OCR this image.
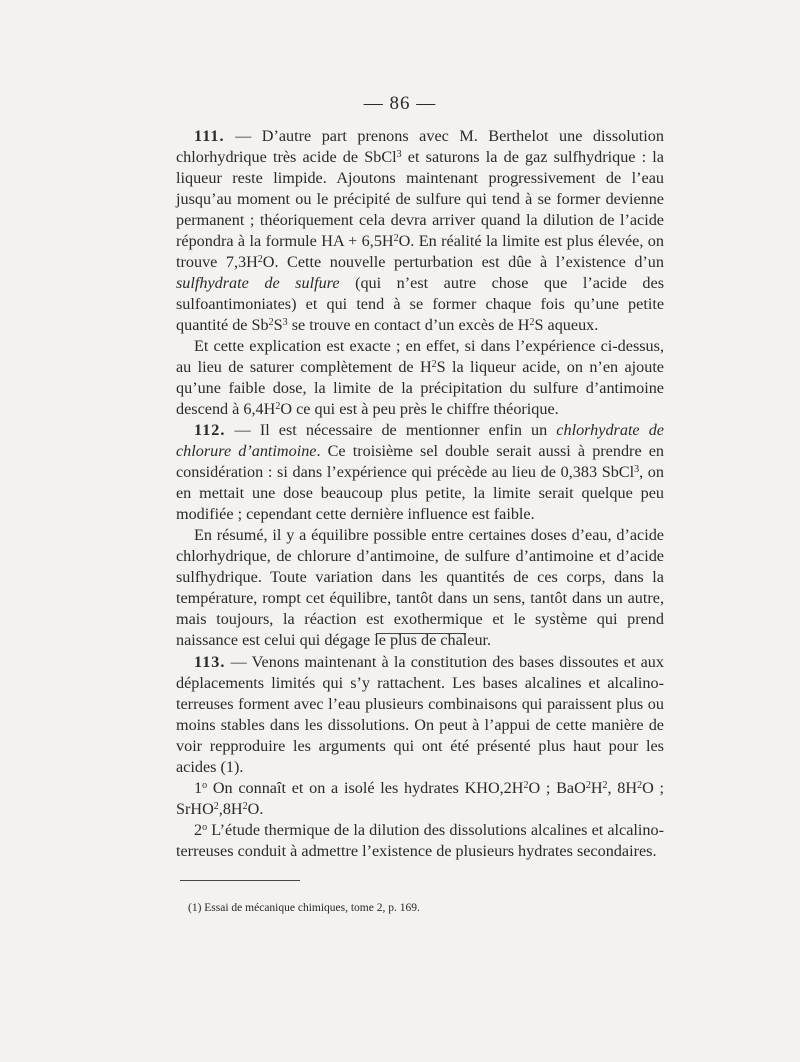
— 86 —

111. — D’autre part prenons avec M. Berthelot une dissolution chlorhydrique très acide de SbCl$^3$ et saturons la de gaz sulfhydrique : la liqueur reste limpide. Ajoutons maintenant progressivement de l’eau jusqu’au moment ou le précipité de sulfure qui tend à se former devienne permanent ; théoriquement cela devra arriver quand la dilution de l’acide répondra à la formule HA + $6,5H^2O$. En réalité la limite est plus élevée, on trouve $7,3H^2O$. Cette nouvelle perturbation est dûe à l’existence d’un sulfhydrate de sulfure (qui n’est autre chose que l’acide des sulfoantimoniates) et qui tend à se former chaque fois qu’une petite quantité de $Sb^2S^3$ se trouve en contact d’un excès de $H^2S$ aqueux.

Et cette explication est exacte ; en effet, si dans l’expérience ci-dessus, au lieu de saturer complètement de $H^2S$ la liqueur acide, on n’en ajoute qu’une faible dose, la limite de la précipitation du sulfure d’antimoine descend à $6,4H^2O$ ce qui est à peu près le chiffre théorique.

112. — Il est nécessaire de mentionner enfin un chlorhydrate de chlorure d’antimoine. Ce troisième sel double serait aussi à prendre en considération : si dans l’expérience qui précède au lieu de 0,383 SbCl$^3$, on en mettait une dose beaucoup plus petite, la limite serait quelque peu modifiée ; cependant cette dernière influence est faible.

En résumé, il y a équilibre possible entre certaines doses d’eau, d’acide chlorhydrique, de chlorure d’antimoine, de sulfure d’antimoine et d’acide sulfhydrique. Toute variation dans les quantités de ces corps, dans la température, rompt cet équilibre, tantôt dans un sens, tantôt dans un autre, mais toujours, la réaction est exothermique et le système qui prend naissance est celui qui dégage le plus de chaleur.

113. — Venons maintenant à la constitution des bases dissoutes et aux déplacements limités qui s’y rattachent. Les bases alcalines et alcalino-terreuses forment avec l’eau plusieurs combinaisons qui paraissent plus ou moins stables dans les dissolutions. On peut à l’appui de cette manière de voir repproduire les arguments qui ont été présenté plus haut pour les acides (1).

1$^o$ On connaît et on a isolé les hydrates $KHO,2H^2O$ ; $BaO^2H^2$, $8H^2O$ ; $SrHO^2,8H^2O$.

2$^o$ L’étude thermique de la dilution des dissolutions alcalines et alcalino-terreuses conduit à admettre l’existence de plusieurs hydrates secondaires.

(1) Essai de mécanique chimiques, tome 2, p. 169.
